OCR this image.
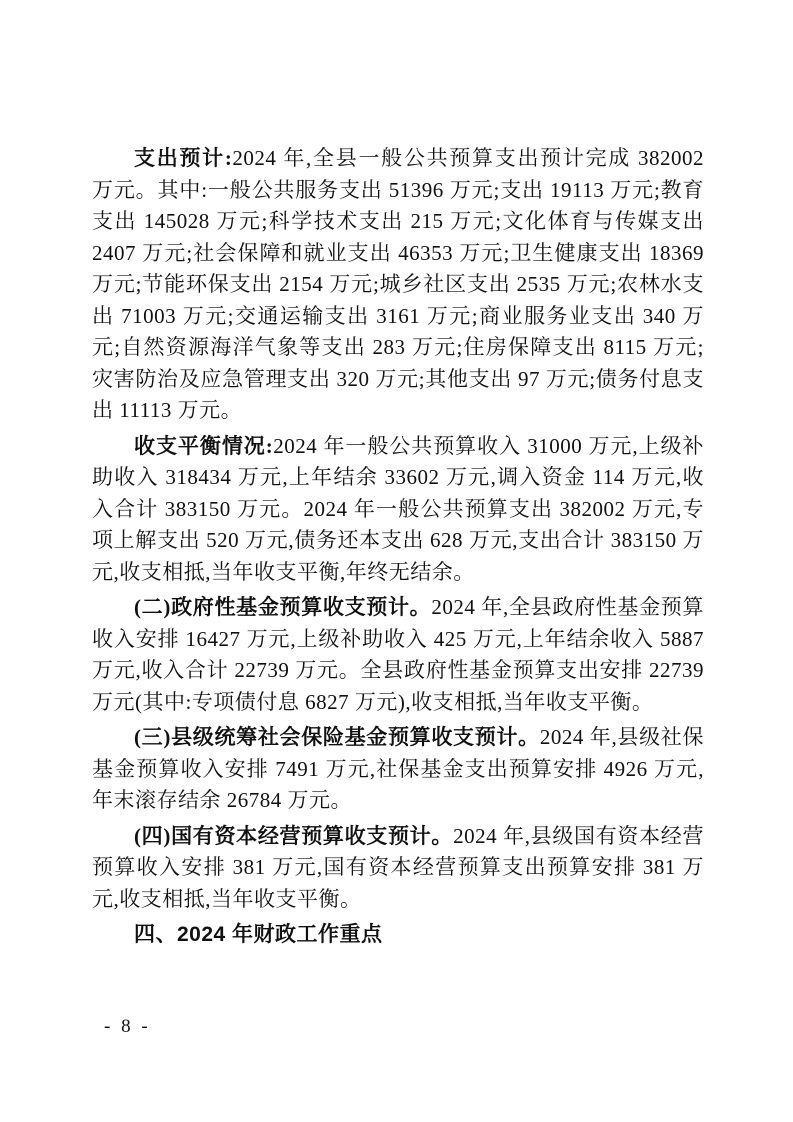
支出预计:2024 年,全县一般公共预算支出预计完成 382002 万元。其中:一般公共服务支出 51396 万元;支出 19113 万元;教育支出 145028 万元;科学技术支出 215 万元;文化体育与传媒支出 2407 万元;社会保障和就业支出 46353 万元;卫生健康支出 18369 万元;节能环保支出 2154 万元;城乡社区支出 2535 万元;农林水支出 71003 万元;交通运输支出 3161 万元;商业服务业支出 340 万元;自然资源海洋气象等支出 283 万元;住房保障支出 8115 万元;灾害防治及应急管理支出 320 万元;其他支出 97 万元;债务付息支出 11113 万元。

收支平衡情况:2024 年一般公共预算收入 31000 万元,上级补助收入 318434 万元,上年结余 33602 万元,调入资金 114 万元,收入合计 383150 万元。2024 年一般公共预算支出 382002 万元,专项上解支出 520 万元,债务还本支出 628 万元,支出合计 383150 万元,收支相抵,当年收支平衡,年终无结余。

(二)政府性基金预算收支预计。2024 年,全县政府性基金预算收入安排 16427 万元,上级补助收入 425 万元,上年结余收入 5887 万元,收入合计 22739 万元。全县政府性基金预算支出安排 22739 万元(其中:专项债付息 6827 万元),收支相抵,当年收支平衡。

(三)县级统筹社会保险基金预算收支预计。2024 年,县级社保基金预算收入安排 7491 万元,社保基金支出预算安排 4926 万元,年末滚存结余 26784 万元。

(四)国有资本经营预算收支预计。2024 年,县级国有资本经营预算收入安排 381 万元,国有资本经营预算支出预算安排 381 万元,收支相抵,当年收支平衡。

四、2024 年财政工作重点

- 8 -
